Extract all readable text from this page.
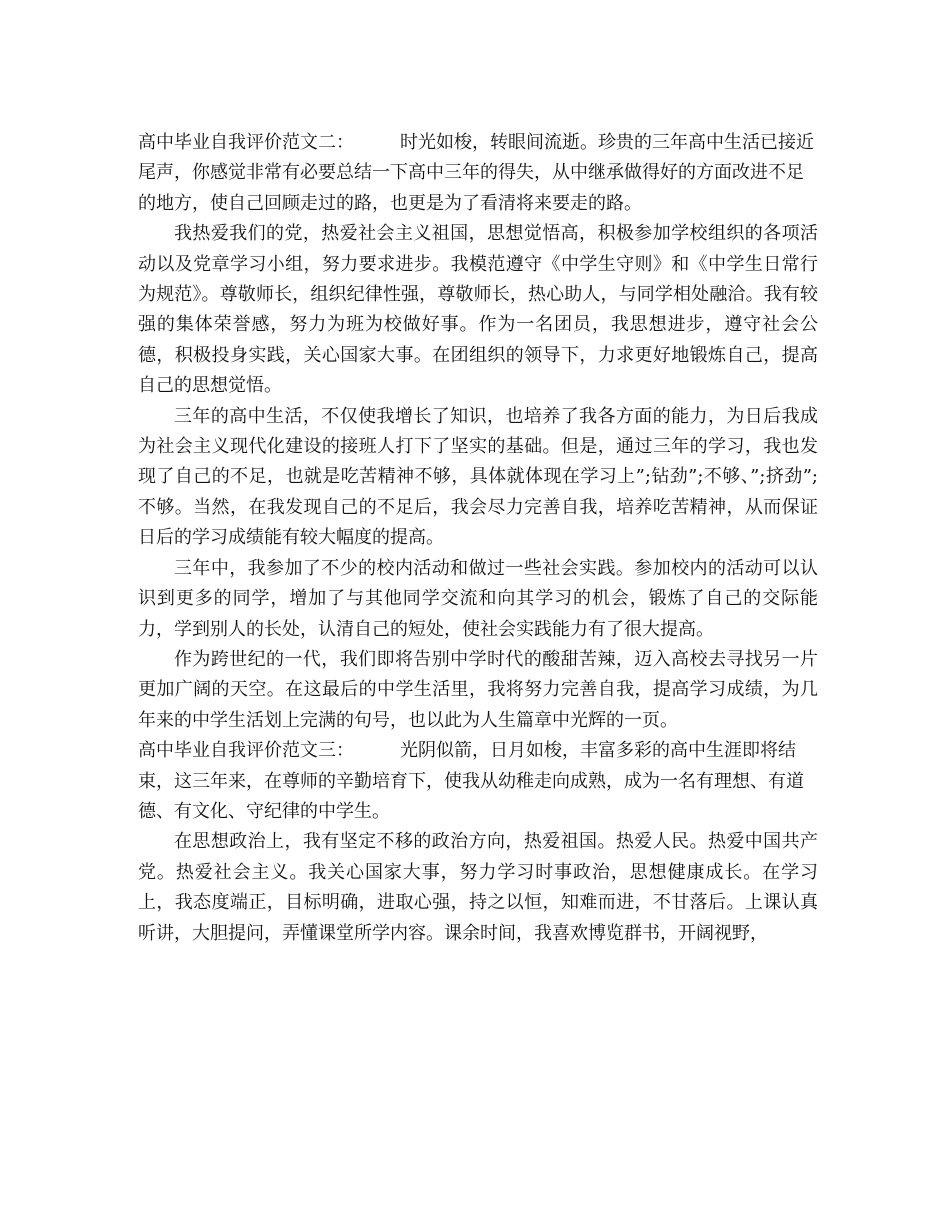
高中毕业自我评价范文二：	时光如梭，转眼间流逝。珍贵的三年高中生活已接近尾声，你感觉非常有必要总结一下高中三年的得失，从中继承做得好的方面改进不足的地方，使自己回顾走过的路，也更是为了看清将来要走的路。

我热爱我们的党，热爱社会主义祖国，思想觉悟高，积极参加学校组织的各项活动以及党章学习小组，努力要求进步。我模范遵守《中学生守则》和《中学生日常行为规范》。尊敬师长，组织纪律性强，尊敬师长，热心助人，与同学相处融洽。我有较强的集体荣誉感，努力为班为校做好事。作为一名团员，我思想进步，遵守社会公德，积极投身实践，关心国家大事。在团组织的领导下，力求更好地锻炼自己，提高自己的思想觉悟。

三年的高中生活，不仅使我增长了知识，也培养了我各方面的能力，为日后我成为社会主义现代化建设的接班人打下了坚实的基础。但是，通过三年的学习，我也发现了自己的不足，也就是吃苦精神不够，具体就体现在学习上”;钻劲”;不够、”;挤劲”;不够。当然，在我发现自己的不足后，我会尽力完善自我，培养吃苦精神，从而保证日后的学习成绩能有较大幅度的提高。

三年中，我参加了不少的校内活动和做过一些社会实践。参加校内的活动可以认识到更多的同学，增加了与其他同学交流和向其学习的机会，锻炼了自己的交际能力，学到别人的长处，认清自己的短处，使社会实践能力有了很大提高。

作为跨世纪的一代，我们即将告别中学时代的酸甜苦辣，迈入高校去寻找另一片更加广阔的天空。在这最后的中学生活里，我将努力完善自我，提高学习成绩，为几年来的中学生活划上完满的句号，也以此为人生篇章中光辉的一页。

高中毕业自我评价范文三：	光阴似箭，日月如梭，丰富多彩的高中生涯即将结束，这三年来，在尊师的辛勤培育下，使我从幼稚走向成熟，成为一名有理想、有道德、有文化、守纪律的中学生。

在思想政治上，我有坚定不移的政治方向，热爱祖国。热爱人民。热爱中国共产党。热爱社会主义。我关心国家大事，努力学习时事政治，思想健康成长。在学习上，我态度端正，目标明确，进取心强，持之以恒，知难而进，不甘落后。上课认真听讲，大胆提问，弄懂课堂所学内容。课余时间，我喜欢博览群书，开阔视野，
